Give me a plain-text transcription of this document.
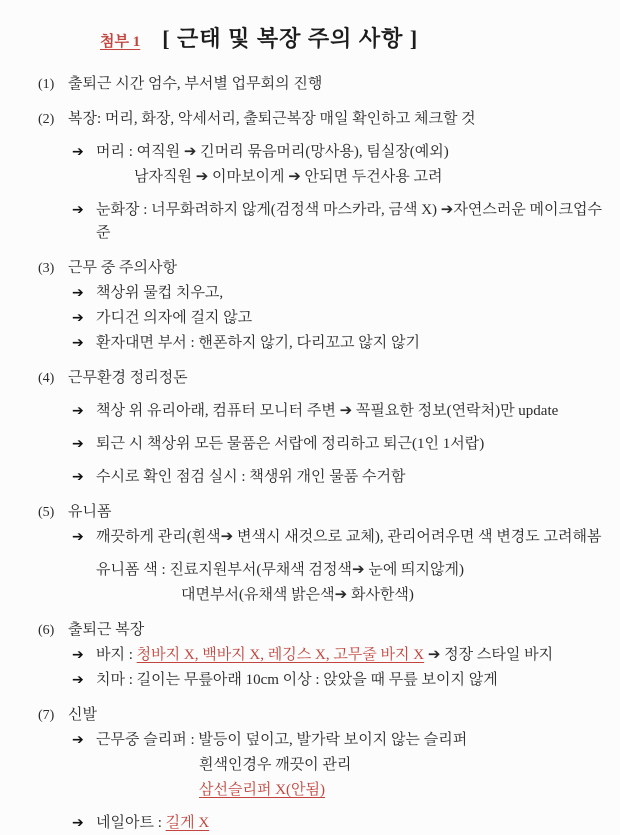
첨부 1 [ 근태 및 복장 주의 사항 ]
(1) 출퇴근 시간 엄수, 부서별 업무회의 진행
(2) 복장: 머리, 화장, 악세서리, 출퇴근복장 매일 확인하고 체크할 것
➔ 머리 : 여직원 ➔ 긴머리 묶음머리(망사용), 팀실장(예외)
남자직원 ➔ 이마보이게 ➔ 안되면 두건사용 고려
➔ 눈화장 : 너무화려하지 않게(검정색 마스카라, 금색 X) ➔자연스러운 메이크업수준
(3) 근무 중 주의사항
➔ 책상위 물컵 치우고,
➔ 가디건 의자에 걸지 않고
➔ 환자대면 부서 : 핸폰하지 않기, 다리꼬고 않지 않기
(4) 근무환경 정리정돈
➔ 책상 위 유리아래, 컴퓨터 모니터 주변 ➔ 꼭필요한 정보(연락처)만 update
➔ 퇴근 시 책상위 모든 물품은 서랍에 정리하고 퇴근(1인 1서랍)
➔ 수시로 확인 점검 실시 : 책생위 개인 물품 수거함
(5) 유니폼
➔ 깨끗하게 관리(흰색➔ 변색시 새것으로 교체), 관리어려우면 색 변경도 고려해봄
유니폼 색 : 진료지원부서(무채색 검정색➔ 눈에 띄지않게)
대면부서(유채색 밝은색➔ 화사한색)
(6) 출퇴근 복장
➔ 바지 : 청바지 X, 백바지 X, 레깅스 X, 고무줄 바지 X ➔ 정장 스타일 바지
➔ 치마 : 길이는 무릎아래 10cm 이상 : 앉았을 때 무릎 보이지 않게
(7) 신발
➔ 근무중 슬리퍼 : 발등이 덮이고, 발가락 보이지 않는 슬리퍼
흰색인경우 깨끗이 관리
삼선슬리퍼 X(안됨)
➔ 네일아트 : 길게 X
